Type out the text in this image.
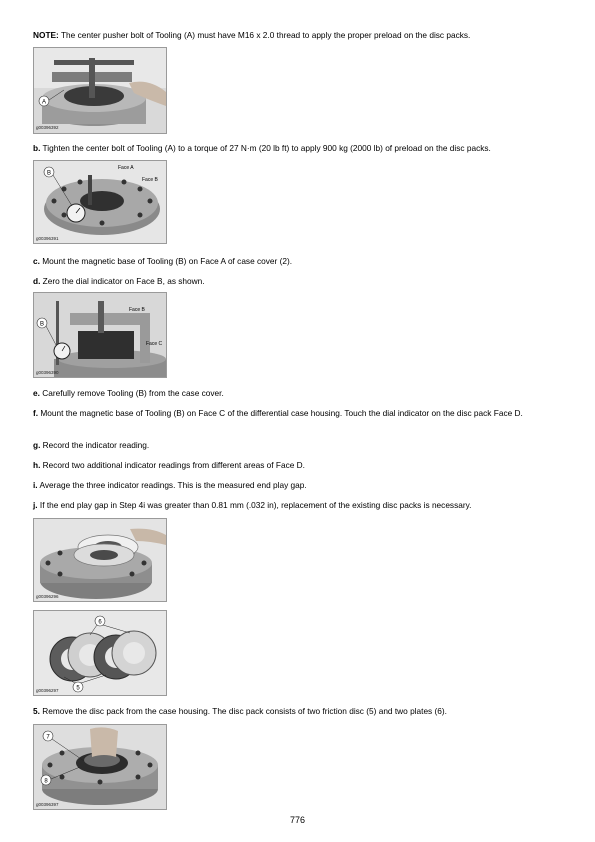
NOTE: The center pusher bolt of Tooling (A) must have M16 x 2.0 thread to apply the proper preload on the disc packs.
A
g00396392
b. Tighten the center bolt of Tooling (A) to a torque of 27 N·m (20 lb ft) to apply 900 kg (2000 lb) of preload on the disc packs.
B
Face A
Face B
g00396391
c. Mount the magnetic base of Tooling (B) on Face A of case cover (2).
d. Zero the dial indicator on Face B, as shown.
B
Face B
Face C
g00396390
e. Carefully remove Tooling (B) from the case cover.
f. Mount the magnetic base of Tooling (B) on Face C of the differential case housing. Touch the dial indicator on the disc pack Face D.
g. Record the indicator reading.
h. Record two additional indicator readings from different areas of Face D.
i. Average the three indicator readings. This is the measured end play gap.
j. If the end play gap in Step 4i was greater than 0.81 mm (.032 in), replacement of the existing disc packs is necessary.
g00396296
6
5
g00396297
5. Remove the disc pack from the case housing. The disc pack consists of two friction disc (5) and two plates (6).
7
8
g00396397
776
